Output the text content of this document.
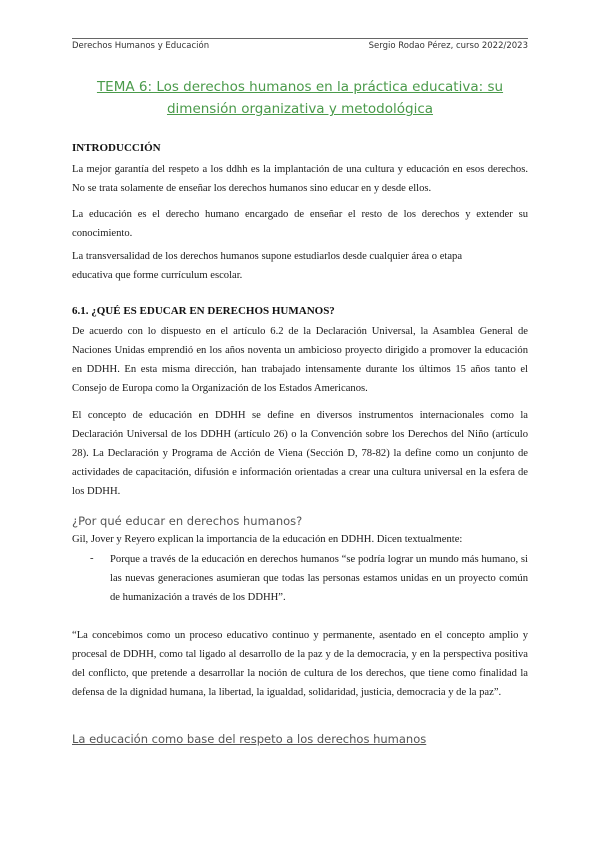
Derechos Humanos y Educación	Sergio Rodao Pérez, curso 2022/2023
TEMA 6: Los derechos humanos en la práctica educativa: su dimensión organizativa y metodológica
INTRODUCCIÓN
La mejor garantía del respeto a los ddhh es la implantación de una cultura y educación en esos derechos. No se trata solamente de enseñar los derechos humanos sino educar en y desde ellos.
La educación es el derecho humano encargado de enseñar el resto de los derechos y extender su conocimiento.
La transversalidad de los derechos humanos supone estudiarlos desde cualquier área o etapa educativa que forme currículum escolar.
6.1. ¿QUÉ ES EDUCAR EN DERECHOS HUMANOS?
De acuerdo con lo dispuesto en el artículo 6.2 de la Declaración Universal, la Asamblea General de Naciones Unidas emprendió en los años noventa un ambicioso proyecto dirigido a promover la educación en DDHH. En esta misma dirección, han trabajado intensamente durante los últimos 15 años tanto el Consejo de Europa como la Organización de los Estados Americanos.
El concepto de educación en DDHH se define en diversos instrumentos internacionales como la Declaración Universal de los DDHH (artículo 26) o la Convención sobre los Derechos del Niño (artículo 28). La Declaración y Programa de Acción de Viena (Sección D, 78-82) la define como un conjunto de actividades de capacitación, difusión e información orientadas a crear una cultura universal en la esfera de los DDHH.
¿Por qué educar en derechos humanos?
Gil, Jover y Reyero explican la importancia de la educación en DDHH. Dicen textualmente:
- Porque a través de la educación en derechos humanos “se podría lograr un mundo más humano, si las nuevas generaciones asumieran que todas las personas estamos unidas en un proyecto común de humanización a través de los DDHH”.
“La concebimos como un proceso educativo continuo y permanente, asentado en el concepto amplio y procesal de DDHH, como tal ligado al desarrollo de la paz y de la democracia, y en la perspectiva positiva del conflicto, que pretende a desarrollar la noción de cultura de los derechos, que tiene como finalidad la defensa de la dignidad humana, la libertad, la igualdad, solidaridad, justicia, democracia y de la paz”.
La educación como base del respeto a los derechos humanos
